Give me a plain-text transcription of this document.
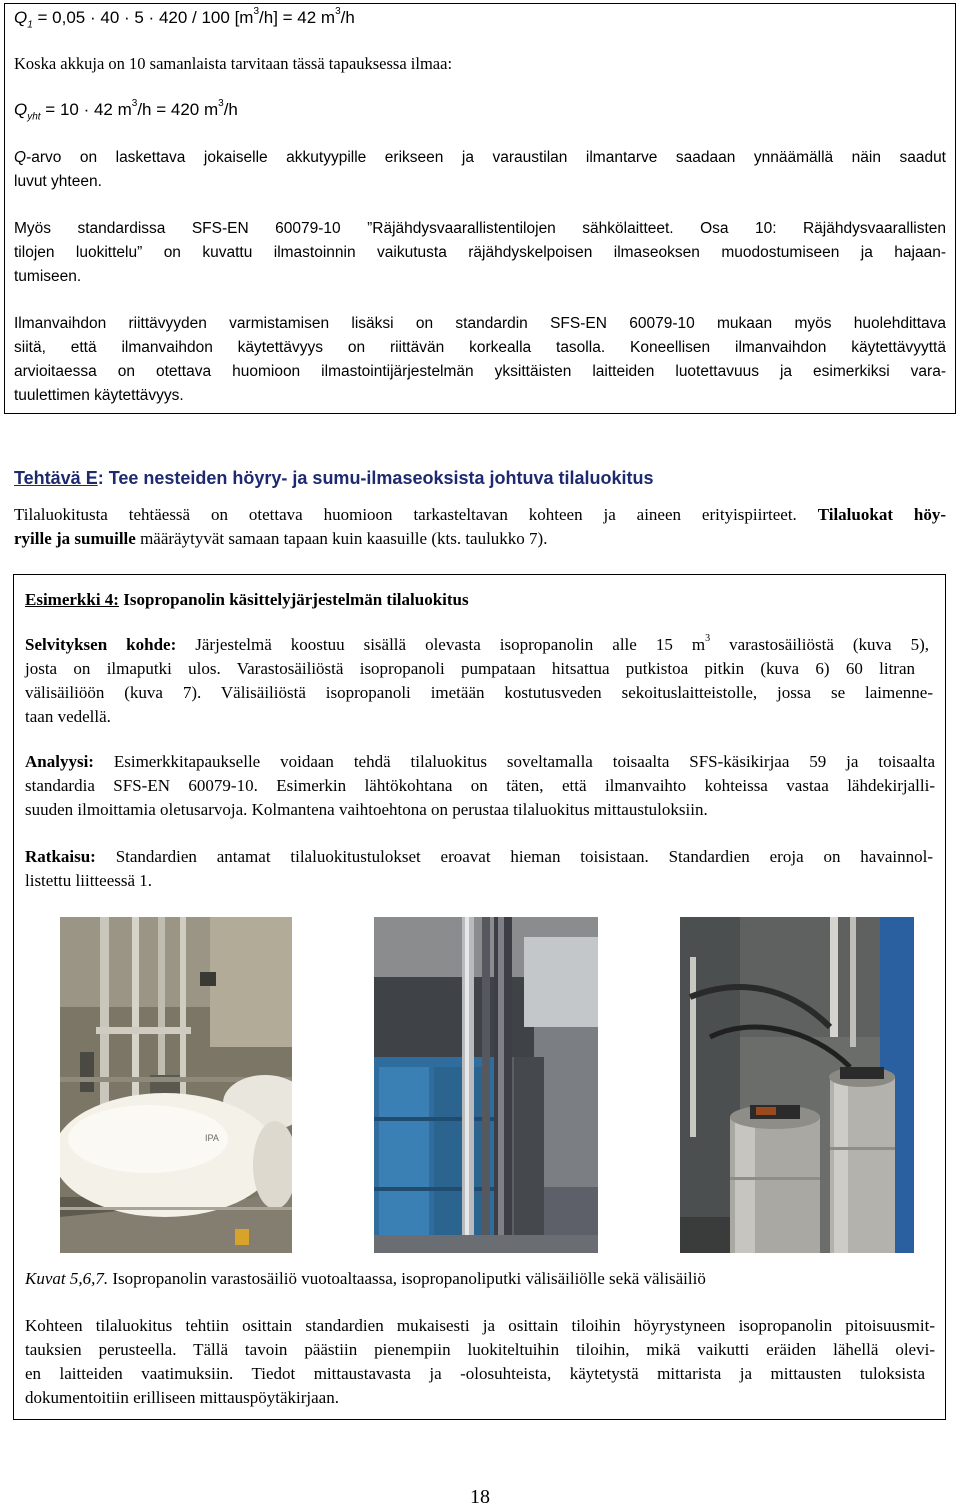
$Q_1 = 0,05 \cdot 40 \cdot 5 \cdot 420 / 100$ $[m^3/h] = 42$ $m^3/h$

Koska akkuja on 10 samanlaista tarvitaan tässä tapauksessa ilmaa:

$Q_{yht} = 10 \cdot 42$ $m^3/h = 420$ $m^3/h$

Q-arvo on laskettava jokaiselle akkutyypille erikseen ja varaustilan ilmantarve saadaan ynnäämällä näin saadut

luvut yhteen.

Myös standardissa SFS-EN 60079-10 ”Räjähdysvaarallistentilojen sähkölaitteet. Osa 10: Räjähdysvaarallisten

tilojen luokittelu” on kuvattu ilmastoinnin vaikutusta räjähdyskelpoisen ilmaseoksen muodostumiseen ja hajaan-

tumiseen.

Ilmanvaihdon riittävyyden varmistamisen lisäksi on standardin SFS-EN 60079-10 mukaan myös huolehdittava

siitä, että ilmanvaihdon käytettävyys on riittävän korkealla tasolla. Koneellisen ilmanvaihdon käytettävyyttä

arvioitaessa on otettava huomioon ilmastointijärjestelmän yksittäisten laitteiden luotettavuus ja esimerkiksi vara-

tuulettimen käytettävyys.

Tehtävä E: Tee nesteiden höyry- ja sumu-ilmaseoksista johtuva tilaluokitus

Tilaluokitusta tehtäessä on otettava huomioon tarkasteltavan kohteen ja aineen erityispiirteet. Tilaluokat höy-

ryille ja sumuille määräytyvät samaan tapaan kuin kaasuille (kts. taulukko 7).

Esimerkki 4: Isopropanolin käsittelyjärjestelmän tilaluokitus

Selvityksen kohde: Järjestelmä koostuu sisällä olevasta isopropanolin alle 15 $m^3$ varastosäiliöstä (kuva 5),

josta on ilmaputki ulos. Varastosäiliöstä isopropanoli pumpataan hitsattua putkistoa pitkin (kuva 6) 60 litran

välisäiliöön (kuva 7). Välisäiliöstä isopropanoli imetään kostutusveden sekoituslaitteistolle, jossa se laimenne-

taan vedellä.

Analyysi: Esimerkkitapaukselle voidaan tehdä tilaluokitus soveltamalla toisaalta SFS-käsikirjaa 59 ja toisaalta

standardia SFS-EN 60079-10. Esimerkin lähtökohtana on täten, että ilmanvaihto kohteissa vastaa lähdekirjalli-

suuden ilmoittamia oletusarvoja. Kolmantena vaihtoehtona on perustaa tilaluokitus mittaustuloksiin.

Ratkaisu: Standardien antamat tilaluokitustulokset eroavat hieman toisistaan. Standardien eroja on havainnol-

listettu liitteessä 1.

IPA

Kuvat 5,6,7. Isopropanolin varastosäiliö vuotoaltaassa, isopropanoliputki välisäiliölle sekä välisäiliö

Kohteen tilaluokitus tehtiin osittain standardien mukaisesti ja osittain tiloihin höyrystyneen isopropanolin pitoisuusmit-

tauksien perusteella. Tällä tavoin päästiin pienempiin luokiteltuihin tiloihin, mikä vaikutti eräiden lähellä olevi-

en laitteiden vaatimuksiin. Tiedot mittaustavasta ja -olosuhteista, käytetystä mittarista ja mittausten tuloksista

dokumentoitiin erilliseen mittauspöytäkirjaan.

18
